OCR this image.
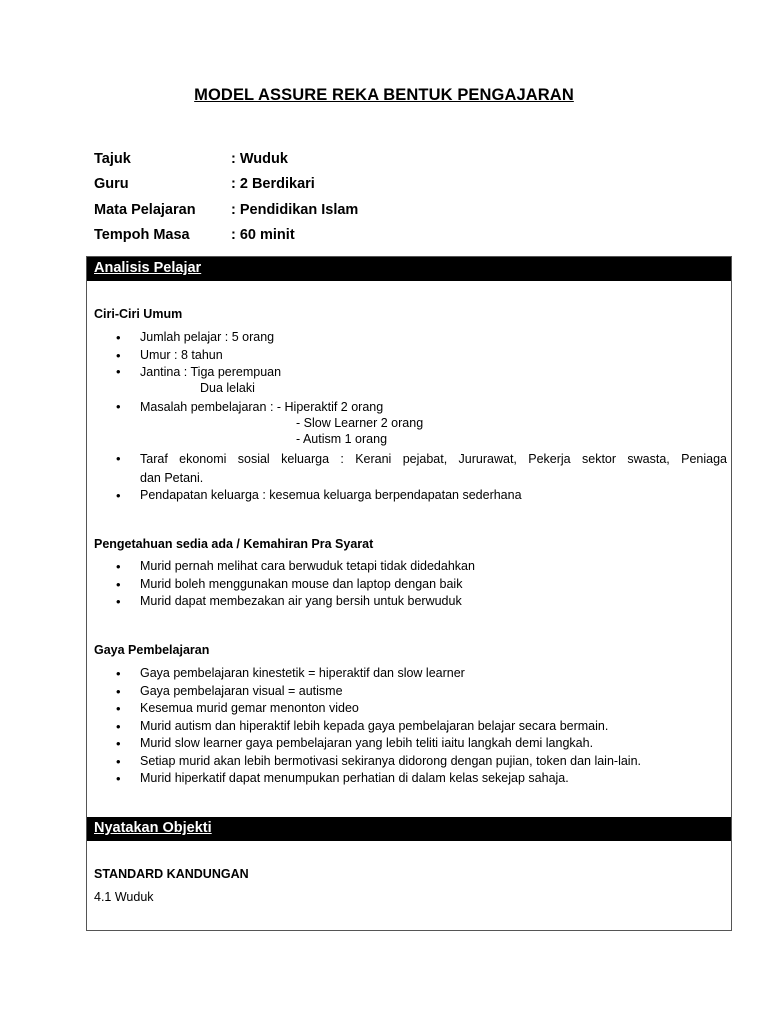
MODEL ASSURE REKA BENTUK PENGAJARAN
Tajuk	: Wuduk
Guru	: 2 Berdikari
Mata Pelajaran	: Pendidikan Islam
Tempoh Masa	: 60 minit
Analisis Pelajar
Ciri-Ciri Umum
• Jumlah pelajar : 5 orang
• Umur : 8 tahun
• Jantina : Tiga perempuan
Dua lelaki
• Masalah pembelajaran : - Hiperaktif 2 orang
- Slow Learner 2 orang
- Autism 1 orang
• Taraf ekonomi sosial keluarga : Kerani pejabat, Jururawat, Pekerja sektor swasta, Peniaga
dan Petani.
• Pendapatan keluarga : kesemua keluarga berpendapatan sederhana
Pengetahuan sedia ada / Kemahiran Pra Syarat
• Murid pernah melihat cara berwuduk tetapi tidak didedahkan
• Murid boleh menggunakan mouse dan laptop dengan baik
• Murid dapat membezakan air yang bersih untuk berwuduk
Gaya Pembelajaran
• Gaya pembelajaran kinestetik = hiperaktif dan slow learner
• Gaya pembelajaran visual = autisme
• Kesemua murid gemar menonton video
• Murid autism dan hiperaktif lebih kepada gaya pembelajaran belajar secara bermain.
• Murid slow learner gaya pembelajaran yang lebih teliti iaitu langkah demi langkah.
• Setiap murid akan lebih bermotivasi sekiranya didorong dengan pujian, token dan lain-lain.
• Murid hiperkatif dapat menumpukan perhatian di dalam kelas sekejap sahaja.
Nyatakan Objekti
STANDARD KANDUNGAN
4.1 Wuduk
